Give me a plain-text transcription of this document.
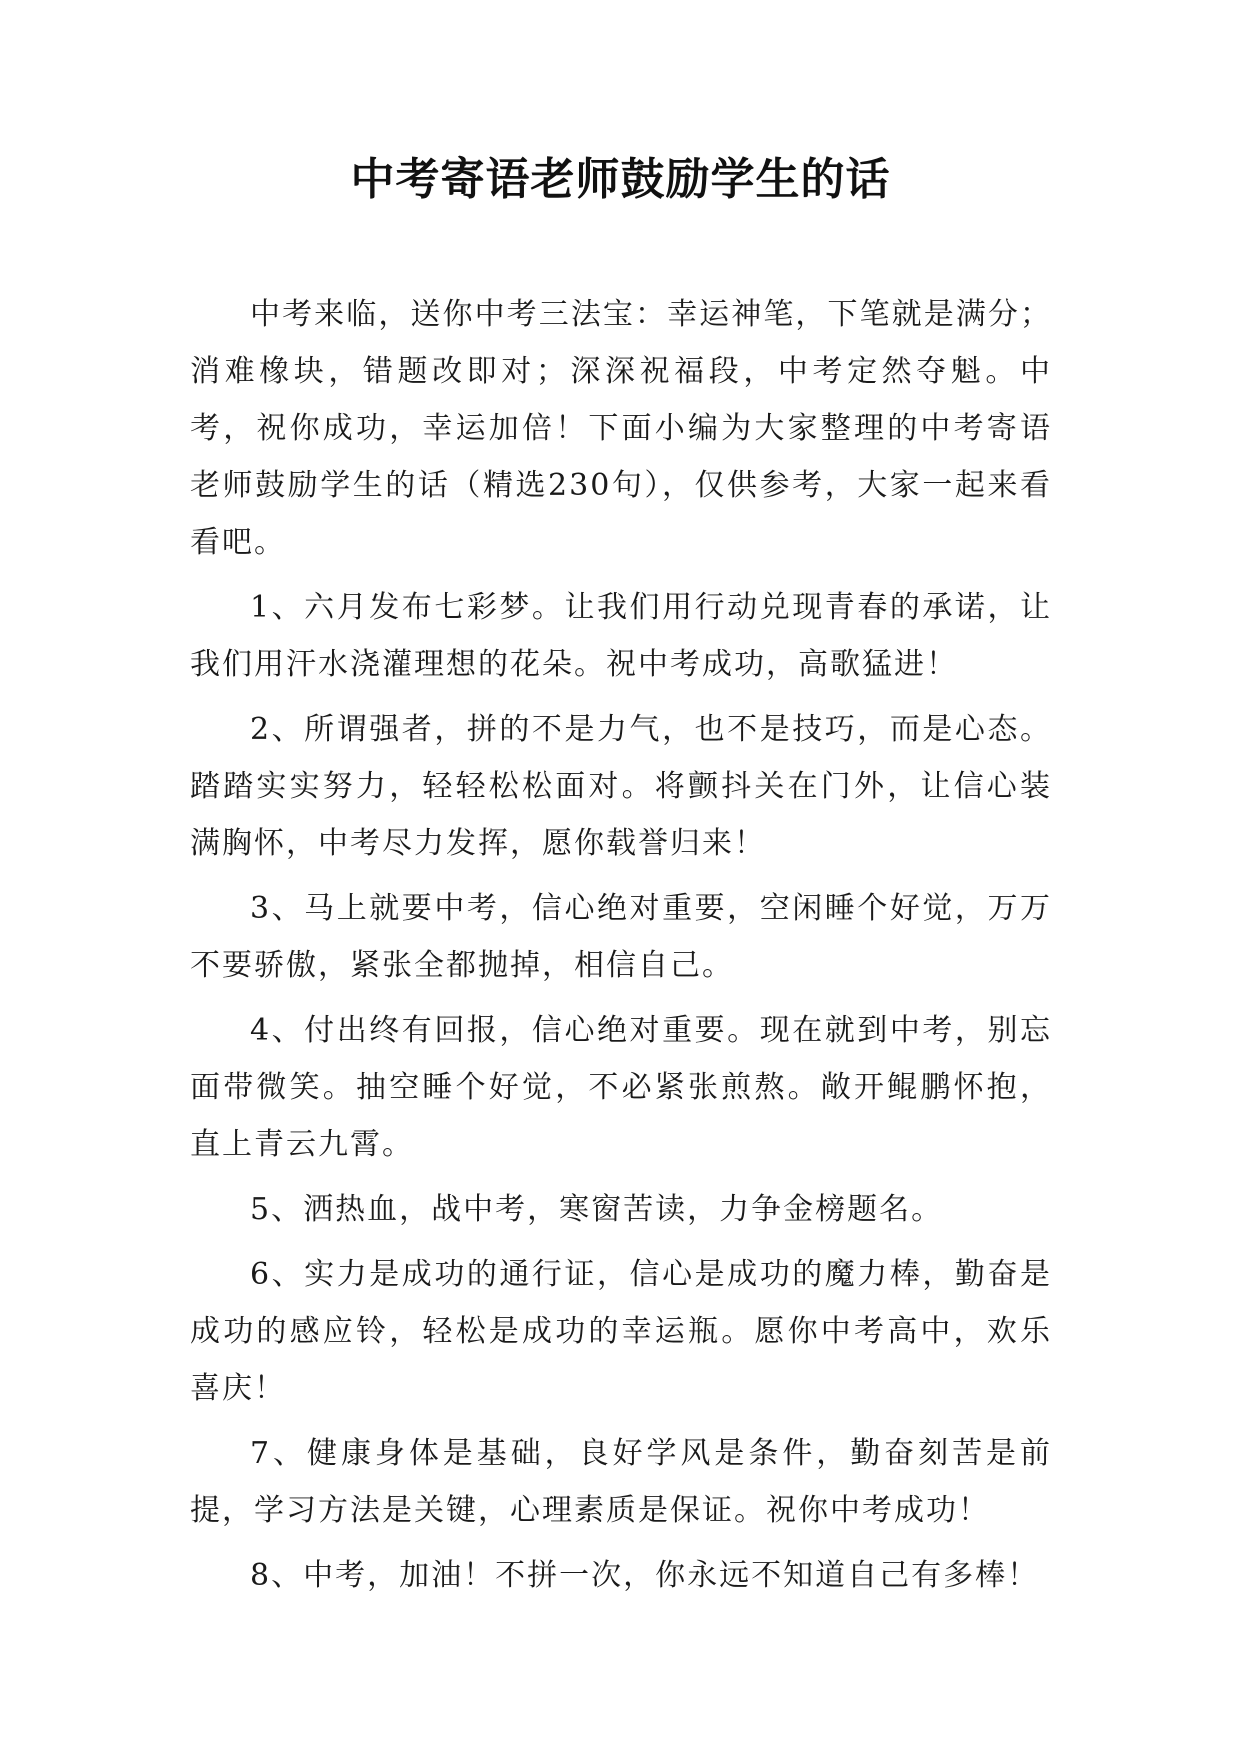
中考寄语老师鼓励学生的话

中考来临，送你中考三法宝：幸运神笔，下笔就是满分；消难橡块，错题改即对；深深祝福段，中考定然夺魁。中考，祝你成功，幸运加倍！下面小编为大家整理的中考寄语老师鼓励学生的话（精选230句），仅供参考，大家一起来看看吧。

1、六月发布七彩梦。让我们用行动兑现青春的承诺，让我们用汗水浇灌理想的花朵。祝中考成功，高歌猛进！

2、所谓强者，拼的不是力气，也不是技巧，而是心态。踏踏实实努力，轻轻松松面对。将颤抖关在门外，让信心装满胸怀，中考尽力发挥，愿你载誉归来！

3、马上就要中考，信心绝对重要，空闲睡个好觉，万万不要骄傲，紧张全都抛掉，相信自己。

4、付出终有回报，信心绝对重要。现在就到中考，别忘面带微笑。抽空睡个好觉，不必紧张煎熬。敞开鲲鹏怀抱，直上青云九霄。

5、洒热血，战中考，寒窗苦读，力争金榜题名。

6、实力是成功的通行证，信心是成功的魔力棒，勤奋是成功的感应铃，轻松是成功的幸运瓶。愿你中考高中，欢乐喜庆！

7、健康身体是基础，良好学风是条件，勤奋刻苦是前提，学习方法是关键，心理素质是保证。祝你中考成功！

8、中考，加油！不拼一次，你永远不知道自己有多棒！
